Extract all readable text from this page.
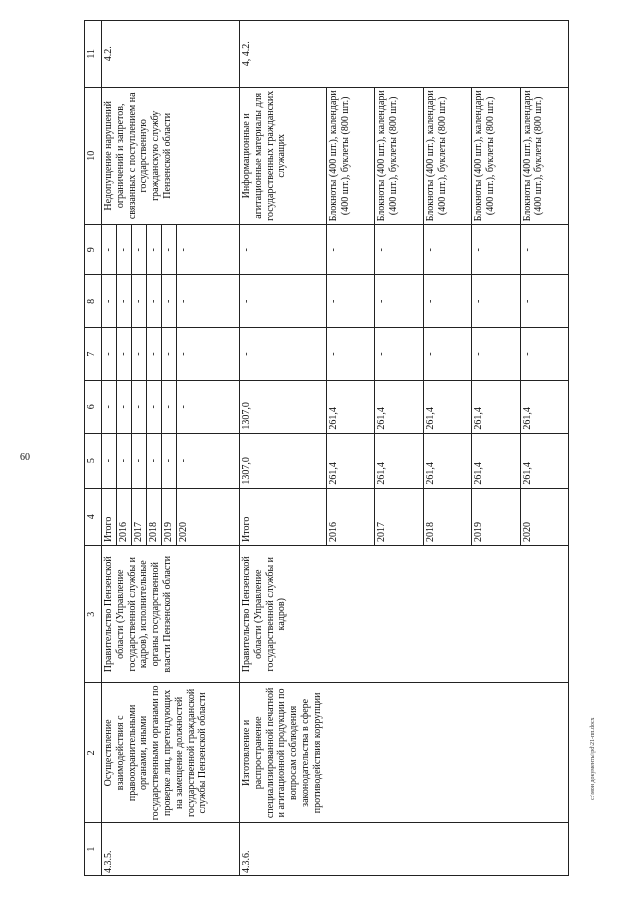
60
c:\мои документы\pd\21-пп.docx
1	2	3	4	5	6	7	8	9	10	11
4.3.5.	Осуществление взаимодействия с правоохранительными органами, иными государственными органами по проверке лиц, претендующих на замещение должностей государственной гражданской службы Пензенской области	Правительство Пензенской области (Управление государственной службы и кадров), исполнительные органы государственной власти Пензенской области	Итого	-	-	-	-	-	Недопущение нарушений ограничений и запретов, связанных с поступлением на государственную гражданскую службу Пензенской области	4.2.
			2016	-	-	-	-	-		
			2017	-	-	-	-	-		
			2018	-	-	-	-	-		
			2019	-	-	-	-	-		
			2020	-	-	-	-	-		
4.3.6.	Изготовление и распространение специализированной печатной и агитационной продукции по вопросам соблюдения законодательства в сфере противодействия коррупции	Правительство Пензенской области (Управление государственной службы и кадров)	Итого	1307,0	1307,0	-	-	-	Информационные и агитационные материалы для государственных гражданских служащих	4, 4.2.
			2016	261,4	261,4	-	-	-	Блокноты (400 шт.), календари (400 шт.), буклеты (800 шт.)	
			2017	261,4	261,4	-	-	-	Блокноты (400 шт.), календари (400 шт.), буклеты (800 шт.)	
			2018	261,4	261,4	-	-	-	Блокноты (400 шт.), календари (400 шт.), буклеты (800 шт.)	
			2019	261,4	261,4	-	-	-	Блокноты (400 шт.), календари (400 шт.), буклеты (800 шт.)	
			2020	261,4	261,4	-	-	-	Блокноты (400 шт.), календари (400 шт.), буклеты (800 шт.)	
